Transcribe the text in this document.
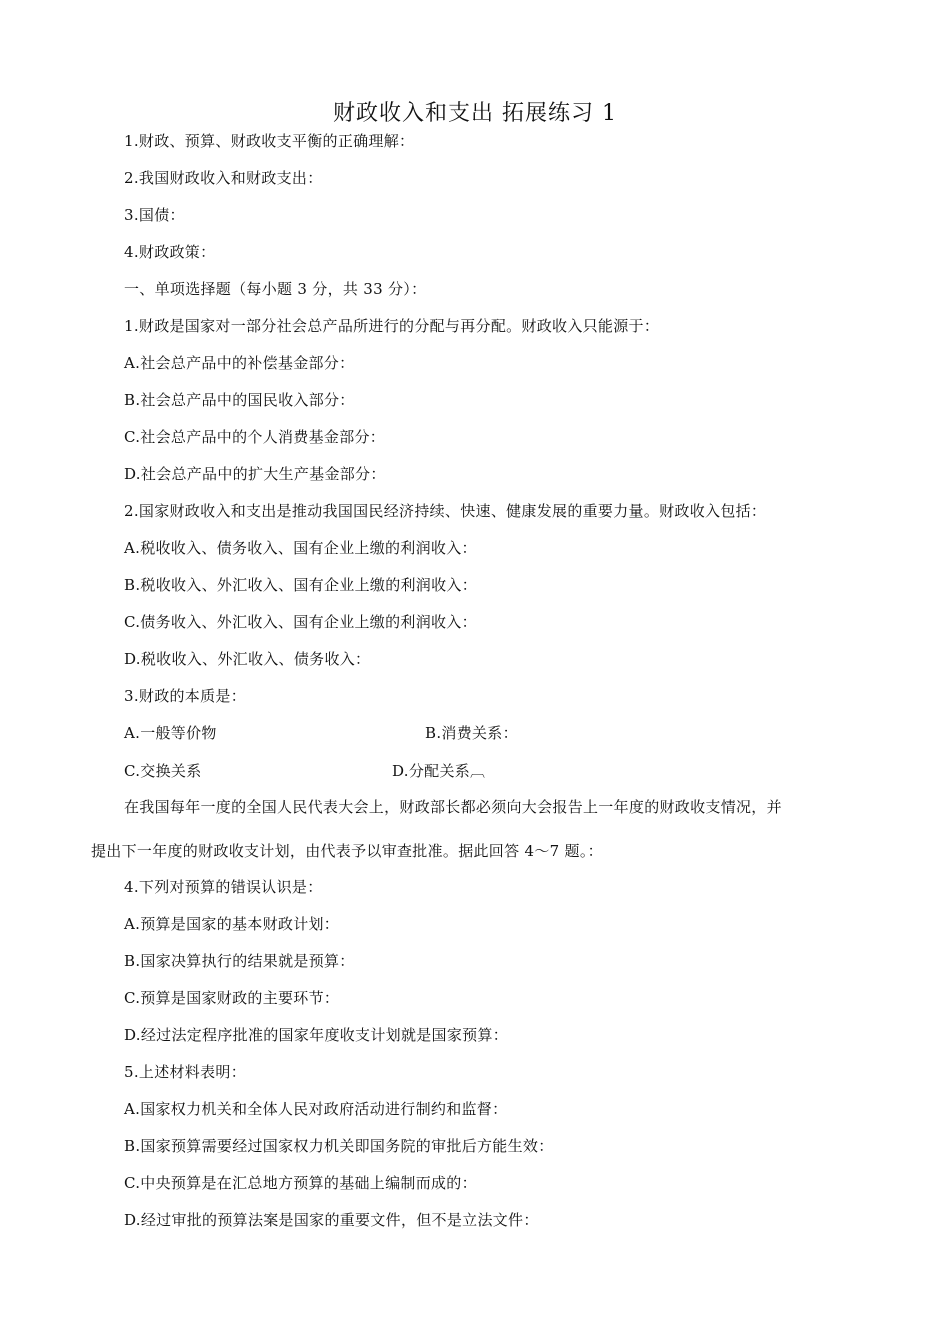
财政收入和支出 拓展练习 1
1.财政、预算、财政收支平衡的正确理解：
2.我国财政收入和财政支出：
3.国债：
4.财政政策：
一、单项选择题（每小题 3 分，共 33 分）：
1.财政是国家对一部分社会总产品所进行的分配与再分配。财政收入只能源于：
A.社会总产品中的补偿基金部分：
B.社会总产品中的国民收入部分：
C.社会总产品中的个人消费基金部分：
D.社会总产品中的扩大生产基金部分：
2.国家财政收入和支出是推动我国国民经济持续、快速、健康发展的重要力量。财政收入包括：
A.税收收入、债务收入、国有企业上缴的利润收入：
B.税收收入、外汇收入、国有企业上缴的利润收入：
C.债务收入、外汇收入、国有企业上缴的利润收入：
D.税收收入、外汇收入、债务收入：
3.财政的本质是：
A.一般等价物	B.消费关系：
C.交换关系	D.分配关系︹
在我国每年一度的全国人民代表大会上，财政部长都必须向大会报告上一年度的财政收支情况，并
提出下一年度的财政收支计划，由代表予以审查批准。据此回答 4～7 题。：
4.下列对预算的错误认识是：
A.预算是国家的基本财政计划：
B.国家决算执行的结果就是预算：
C.预算是国家财政的主要环节：
D.经过法定程序批准的国家年度收支计划就是国家预算：
5.上述材料表明：
A.国家权力机关和全体人民对政府活动进行制约和监督：
B.国家预算需要经过国家权力机关即国务院的审批后方能生效：
C.中央预算是在汇总地方预算的基础上编制而成的：
D.经过审批的预算法案是国家的重要文件，但不是立法文件：
